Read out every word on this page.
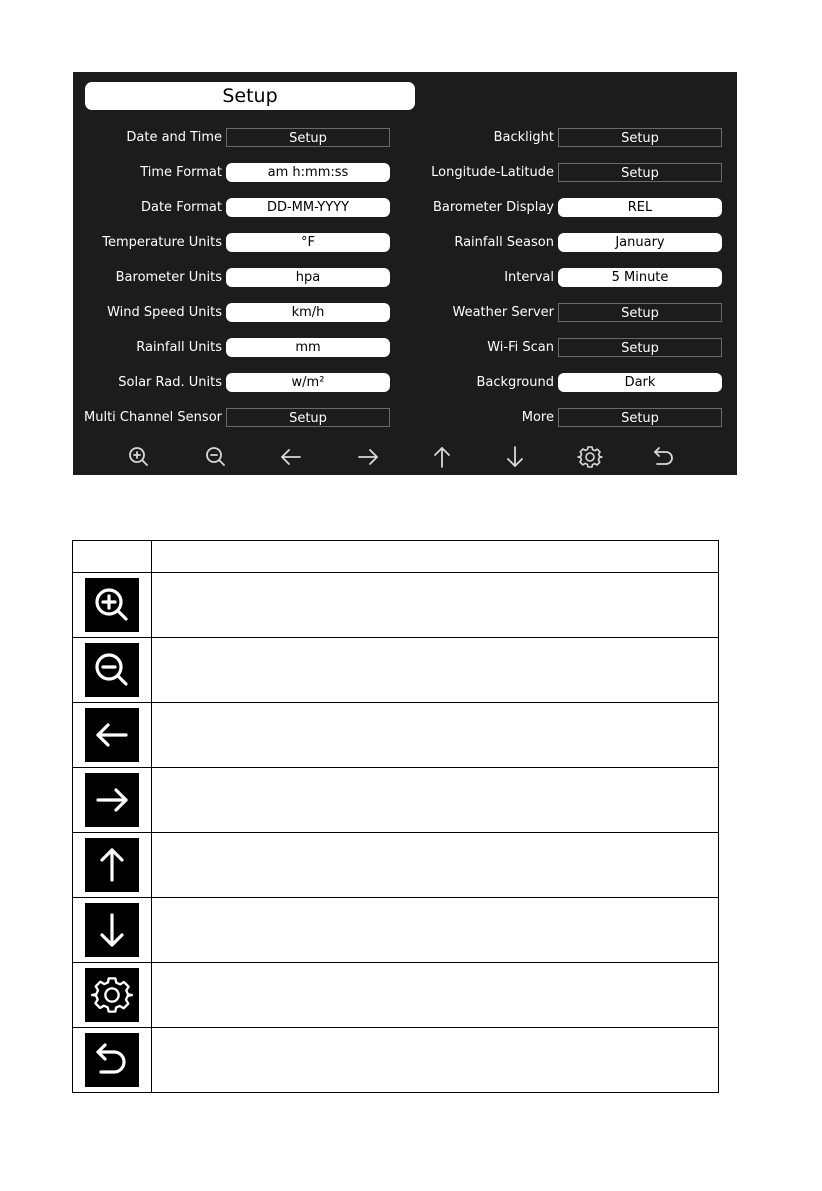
Setup
Date and Time	Setup
Time Format	am h:mm:ss
Date Format	DD-MM-YYYY
Temperature Units	°F
Barometer Units	hpa
Wind Speed Units	km/h
Rainfall Units	mm
Solar Rad. Units	w/m²
Multi Channel Sensor	Setup
Backlight	Setup
Longitude-Latitude	Setup
Barometer Display	REL
Rainfall Season	January
Interval	5 Minute
Weather Server	Setup
Wi-Fi Scan	Setup
Background	Dark
More	Setup
